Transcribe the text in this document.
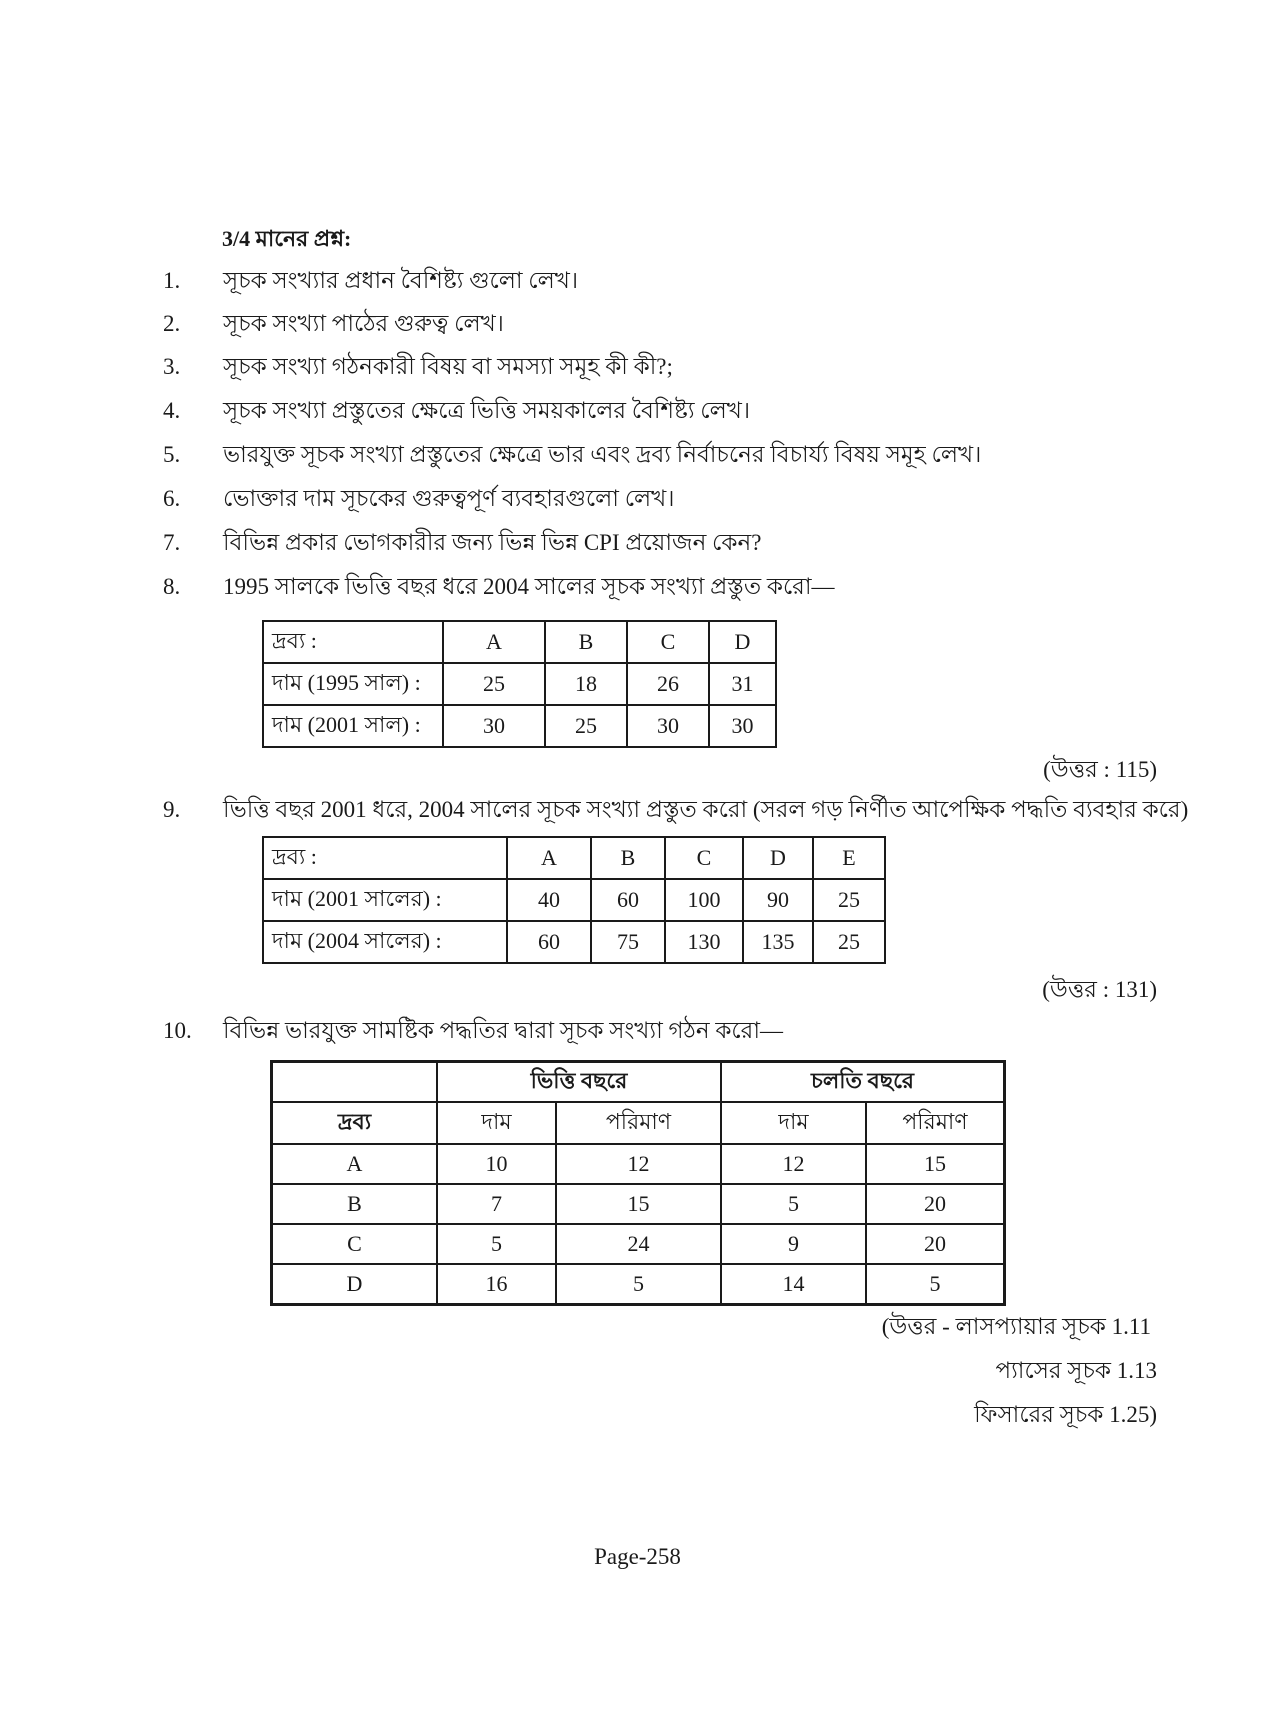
3/4 মানের প্রশ্ন:
1. সূচক সংখ্যার প্রধান বৈশিষ্ট্য গুলো লেখ।
2. সূচক সংখ্যা পাঠের গুরুত্ব লেখ।
3. সূচক সংখ্যা গঠনকারী বিষয় বা সমস্যা সমূহ কী কী?;
4. সূচক সংখ্যা প্রস্তুতের ক্ষেত্রে ভিত্তি সময়কালের বৈশিষ্ট্য লেখ।
5. ভারযুক্ত সূচক সংখ্যা প্রস্তুতের ক্ষেত্রে ভার এবং দ্রব্য নির্বাচনের বিচার্য্য বিষয় সমূহ লেখ।
6. ভোক্তার দাম সূচকের গুরুত্বপূর্ণ ব্যবহারগুলো লেখ।
7. বিভিন্ন প্রকার ভোগকারীর জন্য ভিন্ন ভিন্ন CPI প্রয়োজন কেন?
8. 1995 সালকে ভিত্তি বছর ধরে 2004 সালের সূচক সংখ্যা প্রস্তুত করো—
দ্রব্য :	A	B	C	D
দাম (1995 সাল) :	25	18	26	31
দাম (2001 সাল) :	30	25	30	30
(উত্তর : 115)
9. ভিত্তি বছর 2001 ধরে, 2004 সালের সূচক সংখ্যা প্রস্তুত করো (সরল গড় নির্ণীত আপেক্ষিক পদ্ধতি ব্যবহার করে)
দ্রব্য :	A	B	C	D	E
দাম (2001 সালের) :	40	60	100	90	25
দাম (2004 সালের) :	60	75	130	135	25
(উত্তর : 131)
10. বিভিন্ন ভারযুক্ত সামষ্টিক পদ্ধতির দ্বারা সূচক সংখ্যা গঠন করো—
	ভিত্তি বছরে		চলতি বছরে	
দ্রব্য	দাম	পরিমাণ	দাম	পরিমাণ
A	10	12	12	15
B	7	15	5	20
C	5	24	9	20
D	16	5	14	5
(উত্তর - লাসপ্যায়ার সূচক 1.11
প্যাসের সূচক 1.13
ফিসারের সূচক 1.25)
Page-258
